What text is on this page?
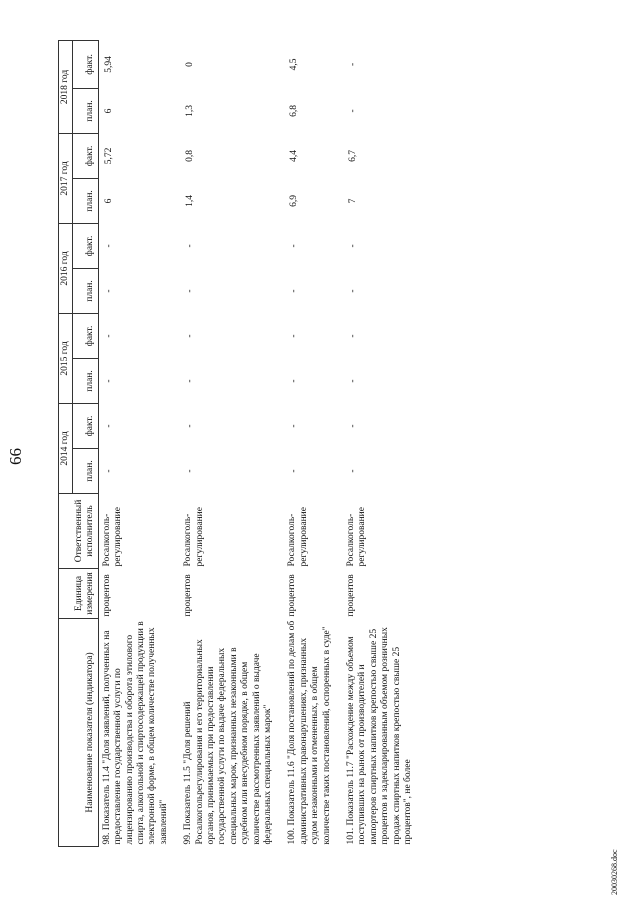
66
				2014 год		2015 год		2016 год		2017 год		2018 год	
Наименование показателя (индикатора)	Единица измерения	Ответственный исполнитель	план.	факт.	план.	факт.	план.	факт.	план.	факт.	план.	факт.
98. Показатель 11.4 "Доля заявлений, полученных на предоставление государственной услуги по лицензированию производства и оборота этилового спирта, алкогольной и спиртосодержащей продукции в электронной форме, в общем количестве полученных заявлений"	процентов	Росалкоголь-регулирование	-	-	-	-	-	-	6	5,72	6	5,94
99. Показатель 11.5 "Доля решений Росалкогольрегулирования и его территориальных органов, принимаемых при предоставлении государственной услуги по выдаче федеральных специальных марок, признанных незаконными в судебном или внесудебном порядке, в общем количестве рассмотренных заявлений о выдаче федеральных специальных марок"	процентов	Росалкоголь-регулирование	-	-	-	-	-	-	1,4	0,8	1,3	0
100. Показатель 11.6 "Доля постановлений по делам об административных правонарушениях, признанных судом незаконными и отмененных, в общем количестве таких постановлений, оспоренных в суде"	процентов	Росалкоголь-регулирование	-	-	-	-	-	-	6,9	4,4	6,8	4,5
101. Показатель 11.7 "Расхождение между объемом поступивших на рынок от производителей и импортеров спиртных напитков крепостью свыше 25 процентов и задекларированным объемом розничных продаж спиртных напитков крепостью свыше 25 процентов", не более	процентов	Росалкоголь-регулирование	-	-	-	-	-	-	7	6,7	-	-
20030268.doc
